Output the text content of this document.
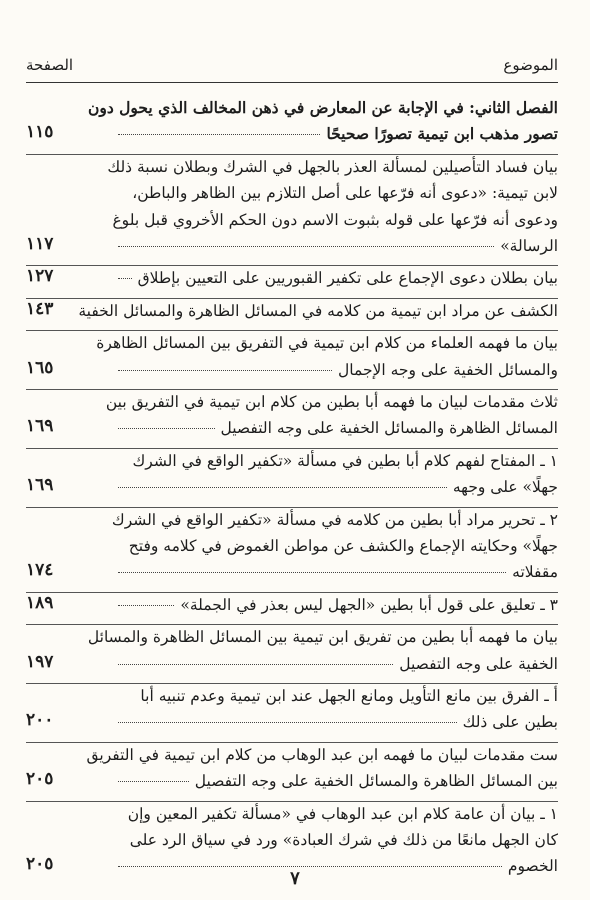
الموضوع
الصفحة
الفصل الثاني: في الإجابة عن المعارض في ذهن المخالف الذي يحول دون
تصور مذهب ابن تيمية تصورًا صحيحًا
١١٥
بيان فساد التأصيلين لمسألة العذر بالجهل في الشرك وبطلان نسبة ذلك
لابن تيمية: «دعوى أنه فرّعها على أصل التلازم بين الظاهر والباطن،
ودعوى أنه فرّعها على قوله بثبوت الاسم دون الحكم الأخروي قبل بلوغ
الرسالة»
١١٧
بيان بطلان دعوى الإجماع على تكفير القبوريين على التعيين بإطلاق
١٢٧
الكشف عن مراد ابن تيمية من كلامه في المسائل الظاهرة والمسائل الخفية
١٤٣
بيان ما فهمه العلماء من كلام ابن تيمية في التفريق بين المسائل الظاهرة
والمسائل الخفية على وجه الإجمال
١٦٥
ثلاث مقدمات لبيان ما فهمه أبا بطين من كلام ابن تيمية في التفريق بين
المسائل الظاهرة والمسائل الخفية على وجه التفصيل
١٦٩
١ ـ المفتاح لفهم كلام أبا بطين في مسألة «تكفير الواقع في الشرك
جهلًا» على وجهه
١٦٩
٢ ـ تحرير مراد أبا بطين من كلامه في مسألة «تكفير الواقع في الشرك
جهلًا» وحكايته الإجماع والكشف عن مواطن الغموض في كلامه وفتح
مقفلاته
١٧٤
٣ ـ تعليق على قول أبا بطين «الجهل ليس بعذر في الجملة»
١٨٩
بيان ما فهمه أبا بطين من تفريق ابن تيمية بين المسائل الظاهرة والمسائل
الخفية على وجه التفصيل
١٩٧
أ ـ الفرق بين مانع التأويل ومانع الجهل عند ابن تيمية وعدم تنبيه أبا
بطين على ذلك
٢٠٠
ست مقدمات لبيان ما فهمه ابن عبد الوهاب من كلام ابن تيمية في التفريق
بين المسائل الظاهرة والمسائل الخفية على وجه التفصيل
٢٠٥
١ ـ بيان أن عامة كلام ابن عبد الوهاب في «مسألة تكفير المعين وإن
كان الجهل مانعًا من ذلك في شرك العبادة» ورد في سياق الرد على
الخصوم
٢٠٥
٧
